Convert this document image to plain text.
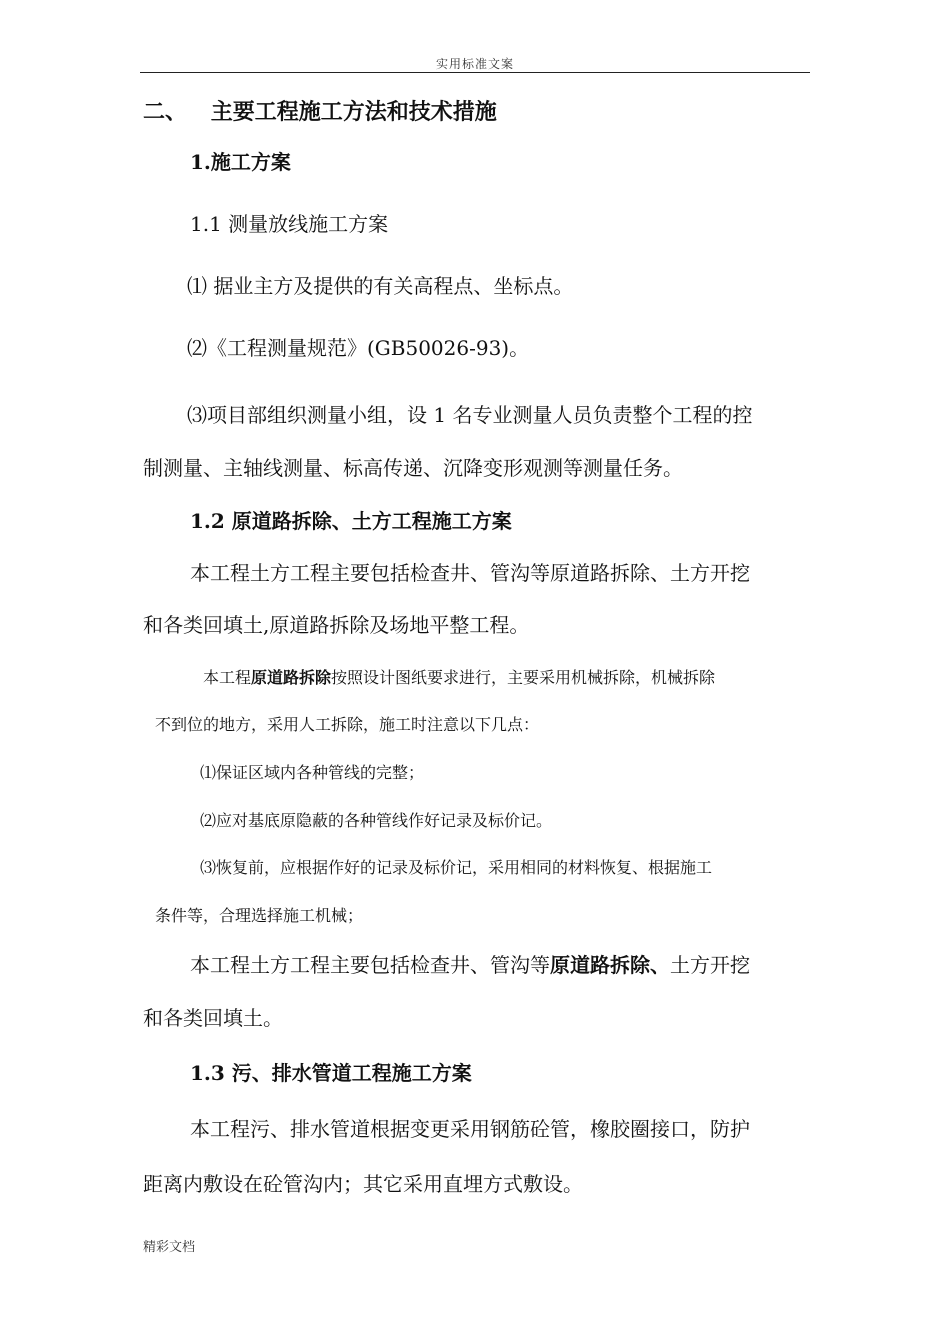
实用标准文案
二、 主要工程施工方法和技术措施
1.施工方案
1.1 测量放线施工方案
⑴ 据业主方及提供的有关高程点、坐标点。
⑵《工程测量规范》(GB50026-93)。
⑶项目部组织测量小组，设 1 名专业测量人员负责整个工程的控
制测量、主轴线测量、标高传递、沉降变形观测等测量任务。
1.2 原道路拆除、土方工程施工方案
本工程土方工程主要包括检查井、管沟等原道路拆除、土方开挖
和各类回填土,原道路拆除及场地平整工程。
本工程原道路拆除按照设计图纸要求进行，主要采用机械拆除，机械拆除
不到位的地方，采用人工拆除，施工时注意以下几点：
⑴保证区域内各种管线的完整；
⑵应对基底原隐蔽的各种管线作好记录及标价记。
⑶恢复前，应根据作好的记录及标价记，采用相同的材料恢复、根据施工
条件等，合理选择施工机械；
本工程土方工程主要包括检查井、管沟等原道路拆除、土方开挖
和各类回填土。
1.3 污、排水管道工程施工方案
本工程污、排水管道根据变更采用钢筋砼管，橡胶圈接口，防护
距离内敷设在砼管沟内；其它采用直埋方式敷设。
精彩文档
